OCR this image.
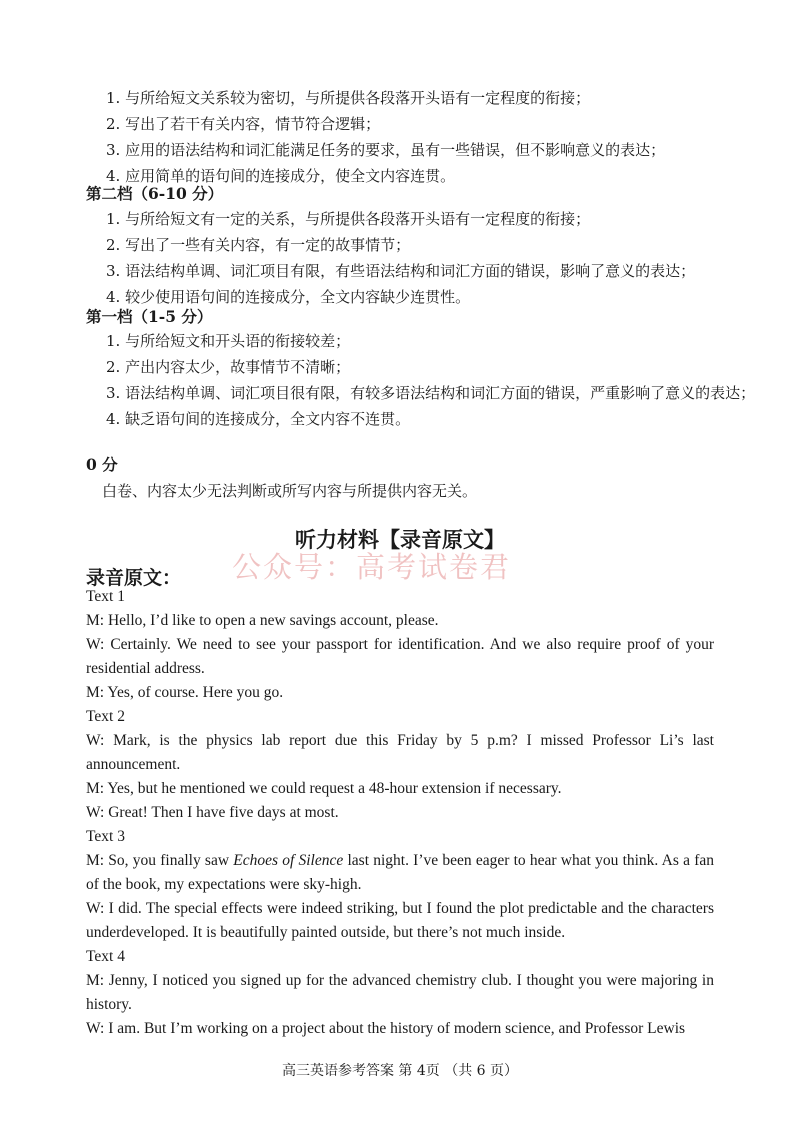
1. 与所给短文关系较为密切，与所提供各段落开头语有一定程度的衔接；
2. 写出了若干有关内容，情节符合逻辑；
3. 应用的语法结构和词汇能满足任务的要求，虽有一些错误，但不影响意义的表达；
4. 应用简单的语句间的连接成分，使全文内容连贯。
第二档（6-10 分）
1. 与所给短文有一定的关系，与所提供各段落开头语有一定程度的衔接；
2. 写出了一些有关内容，有一定的故事情节；
3. 语法结构单调、词汇项目有限，有些语法结构和词汇方面的错误，影响了意义的表达；
4. 较少使用语句间的连接成分，全文内容缺少连贯性。
第一档（1-5 分）
1. 与所给短文和开头语的衔接较差；
2. 产出内容太少，故事情节不清晰；
3. 语法结构单调、词汇项目很有限，有较多语法结构和词汇方面的错误，严重影响了意义的表达；
4. 缺乏语句间的连接成分，全文内容不连贯。
0 分
白卷、内容太少无法判断或所写内容与所提供内容无关。
听力材料【录音原文】
公众号：高考试卷君
录音原文：
Text 1
M: Hello, I’d like to open a new savings account, please.
W: Certainly. We need to see your passport for identification. And we also require proof of your residential address.
M: Yes, of course. Here you go.
Text 2
W: Mark, is the physics lab report due this Friday by 5 p.m? I missed Professor Li’s last announcement.
M: Yes, but he mentioned we could request a 48-hour extension if necessary.
W: Great! Then I have five days at most.
Text 3
M: So, you finally saw Echoes of Silence last night. I’ve been eager to hear what you think. As a fan of the book, my expectations were sky-high.
W: I did. The special effects were indeed striking, but I found the plot predictable and the characters underdeveloped. It is beautifully painted outside, but there’s not much inside.
Text 4
M: Jenny, I noticed you signed up for the advanced chemistry club. I thought you were majoring in history.
W: I am. But I’m working on a project about the history of modern science, and Professor Lewis
高三英语参考答案 第 4页 （共 6 页）
